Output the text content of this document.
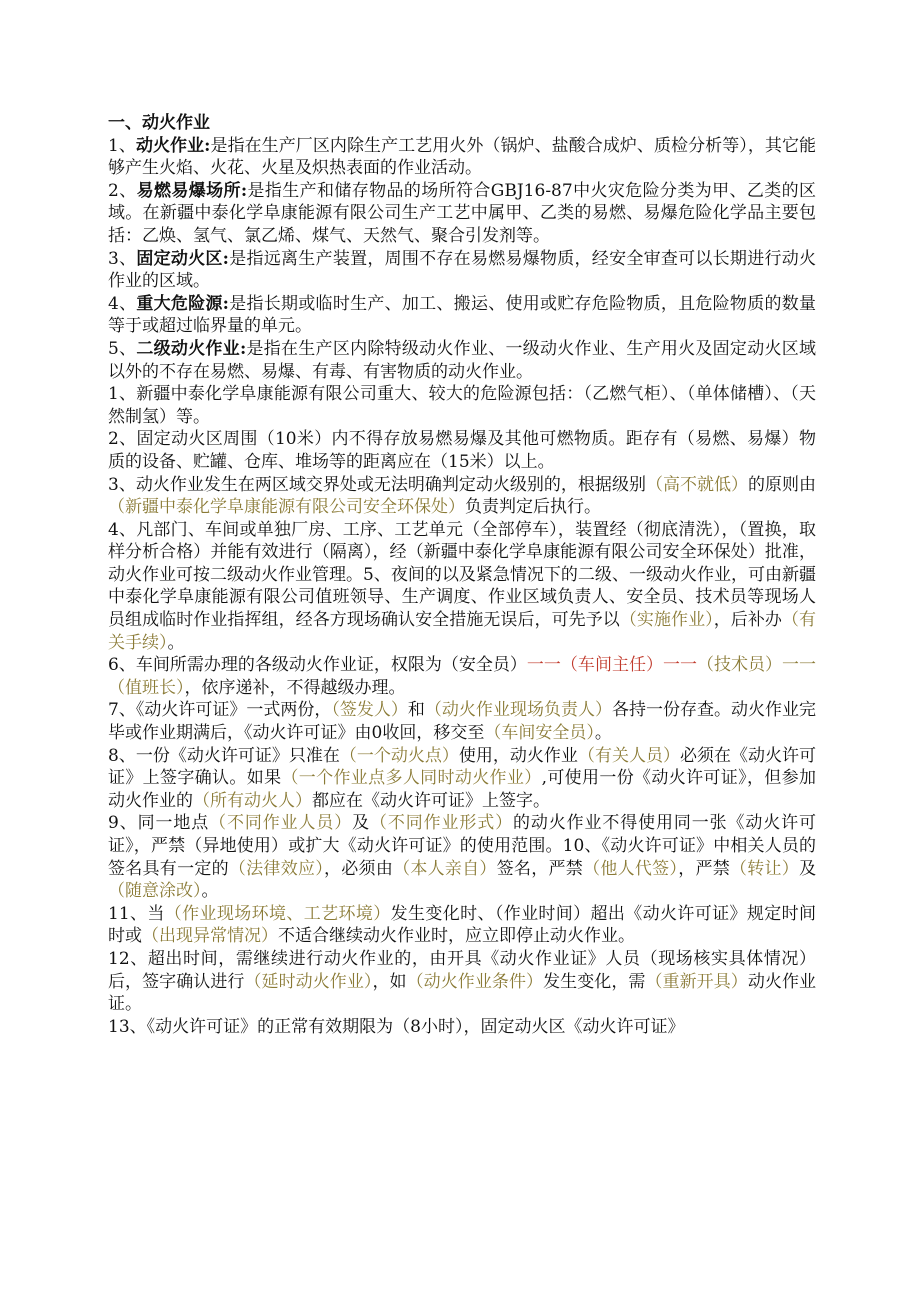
一、动火作业

1、动火作业:是指在生产厂区内除生产工艺用火外（锅炉、盐酸合成炉、质检分析等），其它能够产生火焰、火花、火星及炽热表面的作业活动。

2、易燃易爆场所:是指生产和储存物品的场所符合GBJ16-87中火灾危险分类为甲、乙类的区域。在新疆中泰化学阜康能源有限公司生产工艺中属甲、乙类的易燃、易爆危险化学品主要包括：乙焕、氢气、氯乙烯、煤气、天然气、聚合引发剂等。

3、固定动火区:是指远离生产装置，周围不存在易燃易爆物质，经安全审查可以长期进行动火作业的区域。

4、重大危险源:是指长期或临时生产、加工、搬运、使用或贮存危险物质，且危险物质的数量等于或超过临界量的单元。

5、二级动火作业:是指在生产区内除特级动火作业、一级动火作业、生产用火及固定动火区域以外的不存在易燃、易爆、有毒、有害物质的动火作业。

1、新疆中泰化学阜康能源有限公司重大、较大的危险源包括：（乙燃气柜）、（单体储槽）、（天然制氢）等。

2、固定动火区周围（10米）内不得存放易燃易爆及其他可燃物质。距存有（易燃、易爆）物质的设备、贮罐、仓库、堆场等的距离应在（15米）以上。

3、动火作业发生在两区域交界处或无法明确判定动火级别的，根据级别（高不就低）的原则由（新疆中泰化学阜康能源有限公司安全环保处）负责判定后执行。

4、凡部门、车间或单独厂房、工序、工艺单元（全部停车），装置经（彻底清洗），（置换，取样分析合格）并能有效进行（隔离），经（新疆中泰化学阜康能源有限公司安全环保处）批准，动火作业可按二级动火作业管理。5、夜间的以及紧急情况下的二级、一级动火作业，可由新疆中泰化学阜康能源有限公司值班领导、生产调度、作业区域负责人、安全员、技术员等现场人员组成临时作业指挥组，经各方现场确认安全措施无误后，可先予以（实施作业），后补办（有关手续）。

6、车间所需办理的各级动火作业证，权限为（安全员）一一（车间主任）一一（技术员）一一（值班长），依序递补，不得越级办理。

7、《动火许可证》一式两份，（签发人）和（动火作业现场负责人）各持一份存查。动火作业完毕或作业期满后，《动火许可证》由0收回，移交至（车间安全员）。

8、一份《动火许可证》只准在（一个动火点）使用，动火作业（有关人员）必须在《动火许可证》上签字确认。如果（一个作业点多人同时动火作业）,可使用一份《动火许可证》，但参加动火作业的（所有动火人）都应在《动火许可证》上签字。

9、同一地点（不同作业人员）及（不同作业形式）的动火作业不得使用同一张《动火许可证》，严禁（异地使用）或扩大《动火许可证》的使用范围。10、《动火许可证》中相关人员的签名具有一定的（法律效应），必须由（本人亲自）签名，严禁（他人代签），严禁（转让）及（随意涂改）。

11、当（作业现场环境、工艺环境）发生变化时、（作业时间）超出《动火许可证》规定时间时或（出现异常情况）不适合继续动火作业时，应立即停止动火作业。

12、超出时间，需继续进行动火作业的，由开具《动火作业证》人员（现场核实具体情况）后，签字确认进行（延时动火作业），如（动火作业条件）发生变化，需（重新开具）动火作业证。

13、《动火许可证》的正常有效期限为（8小时），固定动火区《动火许可证》
